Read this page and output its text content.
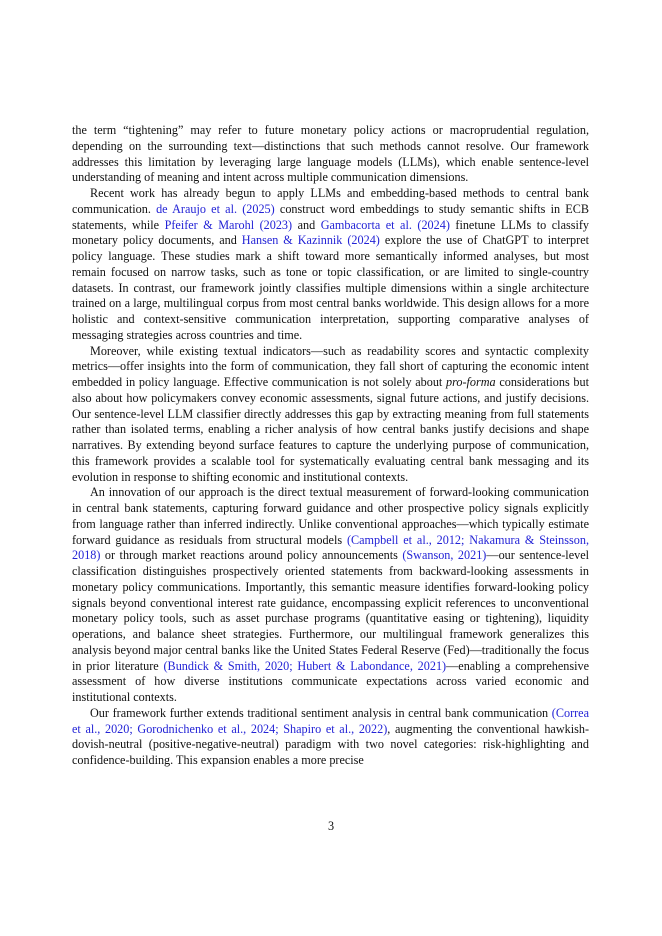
the term “tightening” may refer to future monetary policy actions or macroprudential regulation, depending on the surrounding text—distinctions that such methods cannot resolve. Our framework addresses this limitation by leveraging large language models (LLMs), which enable sentence-level understanding of meaning and intent across multiple communication dimensions.

Recent work has already begun to apply LLMs and embedding-based methods to central bank communication. de Araujo et al. (2025) construct word embeddings to study semantic shifts in ECB statements, while Pfeifer & Marohl (2023) and Gambacorta et al. (2024) finetune LLMs to classify monetary policy documents, and Hansen & Kazinnik (2024) explore the use of ChatGPT to interpret policy language. These studies mark a shift toward more semantically informed analyses, but most remain focused on narrow tasks, such as tone or topic classification, or are limited to single-country datasets. In contrast, our framework jointly classifies multiple dimensions within a single architecture trained on a large, multilingual corpus from most central banks worldwide. This design allows for a more holistic and context-sensitive communication interpretation, supporting comparative analyses of messaging strategies across countries and time.

Moreover, while existing textual indicators—such as readability scores and syntactic complexity metrics—offer insights into the form of communication, they fall short of capturing the economic intent embedded in policy language. Effective communication is not solely about pro-forma considerations but also about how policymakers convey economic assessments, signal future actions, and justify decisions. Our sentence-level LLM classifier directly addresses this gap by extracting meaning from full statements rather than isolated terms, enabling a richer analysis of how central banks justify decisions and shape narratives. By extending beyond surface features to capture the underlying purpose of communication, this framework provides a scalable tool for systematically evaluating central bank messaging and its evolution in response to shifting economic and institutional contexts.

An innovation of our approach is the direct textual measurement of forward-looking communication in central bank statements, capturing forward guidance and other prospective policy signals explicitly from language rather than inferred indirectly. Unlike conventional approaches—which typically estimate forward guidance as residuals from structural models (Campbell et al., 2012; Nakamura & Steinsson, 2018) or through market reactions around policy announcements (Swanson, 2021)—our sentence-level classification distinguishes prospectively oriented statements from backward-looking assessments in monetary policy communications. Importantly, this semantic measure identifies forward-looking policy signals beyond conventional interest rate guidance, encompassing explicit references to unconventional monetary policy tools, such as asset purchase programs (quantitative easing or tightening), liquidity operations, and balance sheet strategies. Furthermore, our multilingual framework generalizes this analysis beyond major central banks like the United States Federal Reserve (Fed)—traditionally the focus in prior literature (Bundick & Smith, 2020; Hubert & Labondance, 2021)—enabling a comprehensive assessment of how diverse institutions communicate expectations across varied economic and institutional contexts.

Our framework further extends traditional sentiment analysis in central bank communication (Correa et al., 2020; Gorodnichenko et al., 2024; Shapiro et al., 2022), augmenting the conventional hawkish-dovish-neutral (positive-negative-neutral) paradigm with two novel categories: risk-highlighting and confidence-building. This expansion enables a more precise

3
